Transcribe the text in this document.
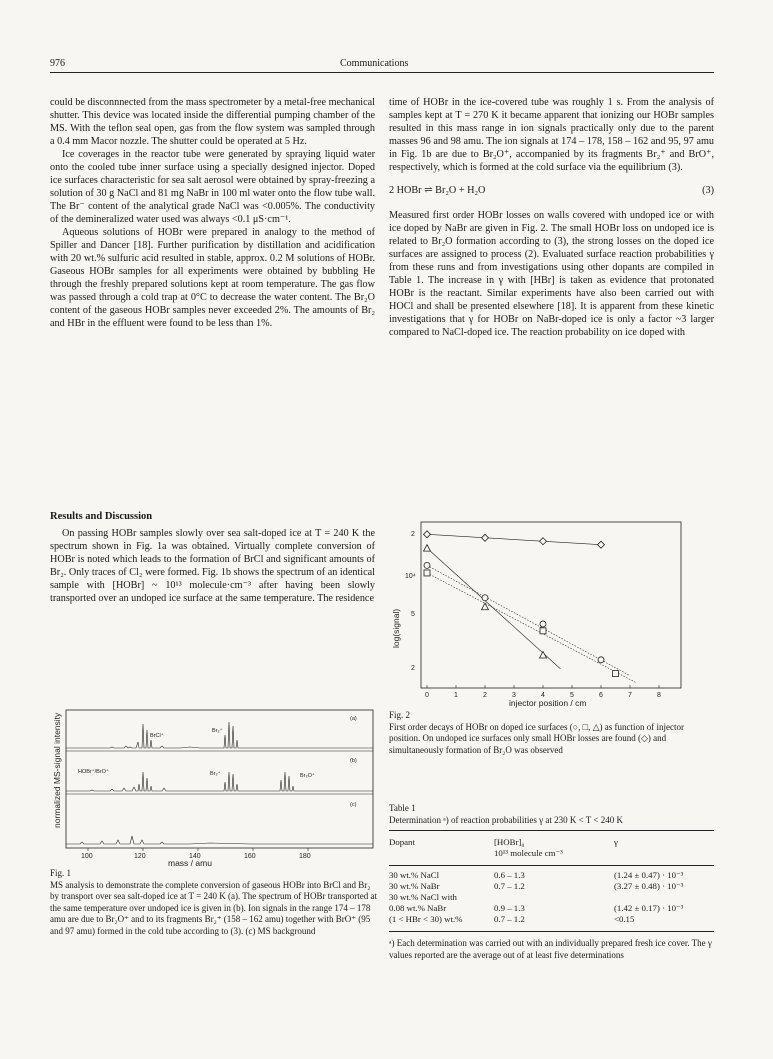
976	Communications

could be disconnnected from the mass spectrometer by a metal-free mechanical shutter. This device was located inside the differential pumping chamber of the MS. With the teflon seal open, gas from the flow system was sampled through a 0.4 mm Macor nozzle. The shutter could be operated at 5 Hz.

Ice coverages in the reactor tube were generated by spraying liquid water onto the cooled tube inner surface using a specially designed injector. Doped ice surfaces characteristic for sea salt aerosol were obtained by spray-freezing a solution of 30 g NaCl and 81 mg NaBr in 100 ml water onto the flow tube wall. The Br⁻ content of the analytical grade NaCl was <0.005%. The conductivity of the demineralized water used was always <0.1 μS·cm⁻¹.

Aqueous solutions of HOBr were prepared in analogy to the method of Spiller and Dancer [18]. Further purification by distillation and acidification with 20 wt.% sulfuric acid resulted in stable, approx. 0.2 M solutions of HOBr. Gaseous HOBr samples for all experiments were obtained by bubbling He through the freshly prepared solutions kept at room temperature. The gas flow was passed through a cold trap at 0°C to decrease the water content. The Br₂O content of the gaseous HOBr samples never exceeded 2%. The amounts of Br₂ and HBr in the effluent were found to be less than 1%.

time of HOBr in the ice-covered tube was roughly 1 s. From the analysis of samples kept at T = 270 K it became apparent that ionizing our HOBr samples resulted in this mass range in ion signals practically only due to the parent masses 96 and 98 amu. The ion signals at 174 – 178, 158 – 162 and 95, 97 amu in Fig. 1b are due to Br₂O⁺, accompanied by its fragments Br₂⁺ and BrO⁺, respectively, which is formed at the cold surface via the equilibrium (3).

2 HOBr ⇌ Br₂O + H₂O	(3)

Measured first order HOBr losses on walls covered with undoped ice or with ice doped by NaBr are given in Fig. 2. The small HOBr loss on undoped ice is related to Br₂O formation according to (3), the strong losses on the doped ice surfaces are assigned to process (2). Evaluated surface reaction probabilities γ from these runs and from investigations using other dopants are compiled in Table 1. The increase in γ with [HBr] is taken as evidence that protonated HOBr is the reactant. Similar experiments have also been carried out with HOCl and shall be presented elsewhere [18]. It is apparent from these kinetic investigations that γ for HOBr on NaBr-doped ice is only a factor ~3 larger compared to NaCl-doped ice. The reaction probability on ice doped with

Results and Discussion

On passing HOBr samples slowly over sea salt-doped ice at T = 240 K the spectrum shown in Fig. 1a was obtained. Virtually complete conversion of HOBr is noted which leads to the formation of BrCl and significant amounts of Br₂. Only traces of Cl₂ were formed. Fig. 1b shows the spectrum of an identical sample with [HOBr] ~ 10¹³ molecule·cm⁻³ after having been slowly transported over an undoped ice surface at the same temperature. The residence

normalized MS-signal intensity	(a)
(b)
(c)
BrCl⁺
Br₂⁺
HOBr⁺/BrO⁺	Br₂⁺	Br₂O⁺
100	120	140	160	180
mass / amu

Fig. 1

MS analysis to demonstrate the complete conversion of gaseous HOBr into BrCl and Br₂ by transport over sea salt-doped ice at T = 240 K (a). The spectrum of HOBr transported at the same temperature over undoped ice is given in (b). Ion signals in the range 174 – 178 amu are due to Br₂O⁺ and to its fragments Br₂⁺ (158 – 162 amu) together with BrO⁺ (95 and 97 amu) formed in the cold tube according to (3). (c) MS background

log(signal)
2
10⁴
5
2
0	1	2	3	4	5	6	7	8
injector position / cm

Fig. 2

First order decays of HOBr on doped ice surfaces (○, □, △) as function of injector position. On undoped ice surfaces only small HOBr losses are found (◇) and simultaneously formation of Br₂O was observed

Table 1

Determination ᵃ) of reaction probabilities γ at 230 K < T < 240 K

Dopant	[HOBr]₀
10¹³ molecule cm⁻³
	γ
30 wt.% NaCl	0.6 – 1.3	(1.24 ± 0.47) · 10⁻³
30 wt.% NaBr	0.7 – 1.2	(3.27 ± 0.48) · 10⁻³
30 wt.% NaCl with		
0.08 wt.% NaBr	0.9 – 1.3	(1.42 ± 0.17) · 10⁻³
(1 < HBr < 30) wt.%	0.7 – 1.2	<0.15

ᵃ) Each determination was carried out with an individually prepared fresh ice cover. The γ values reported are the average out of at least five determinations
